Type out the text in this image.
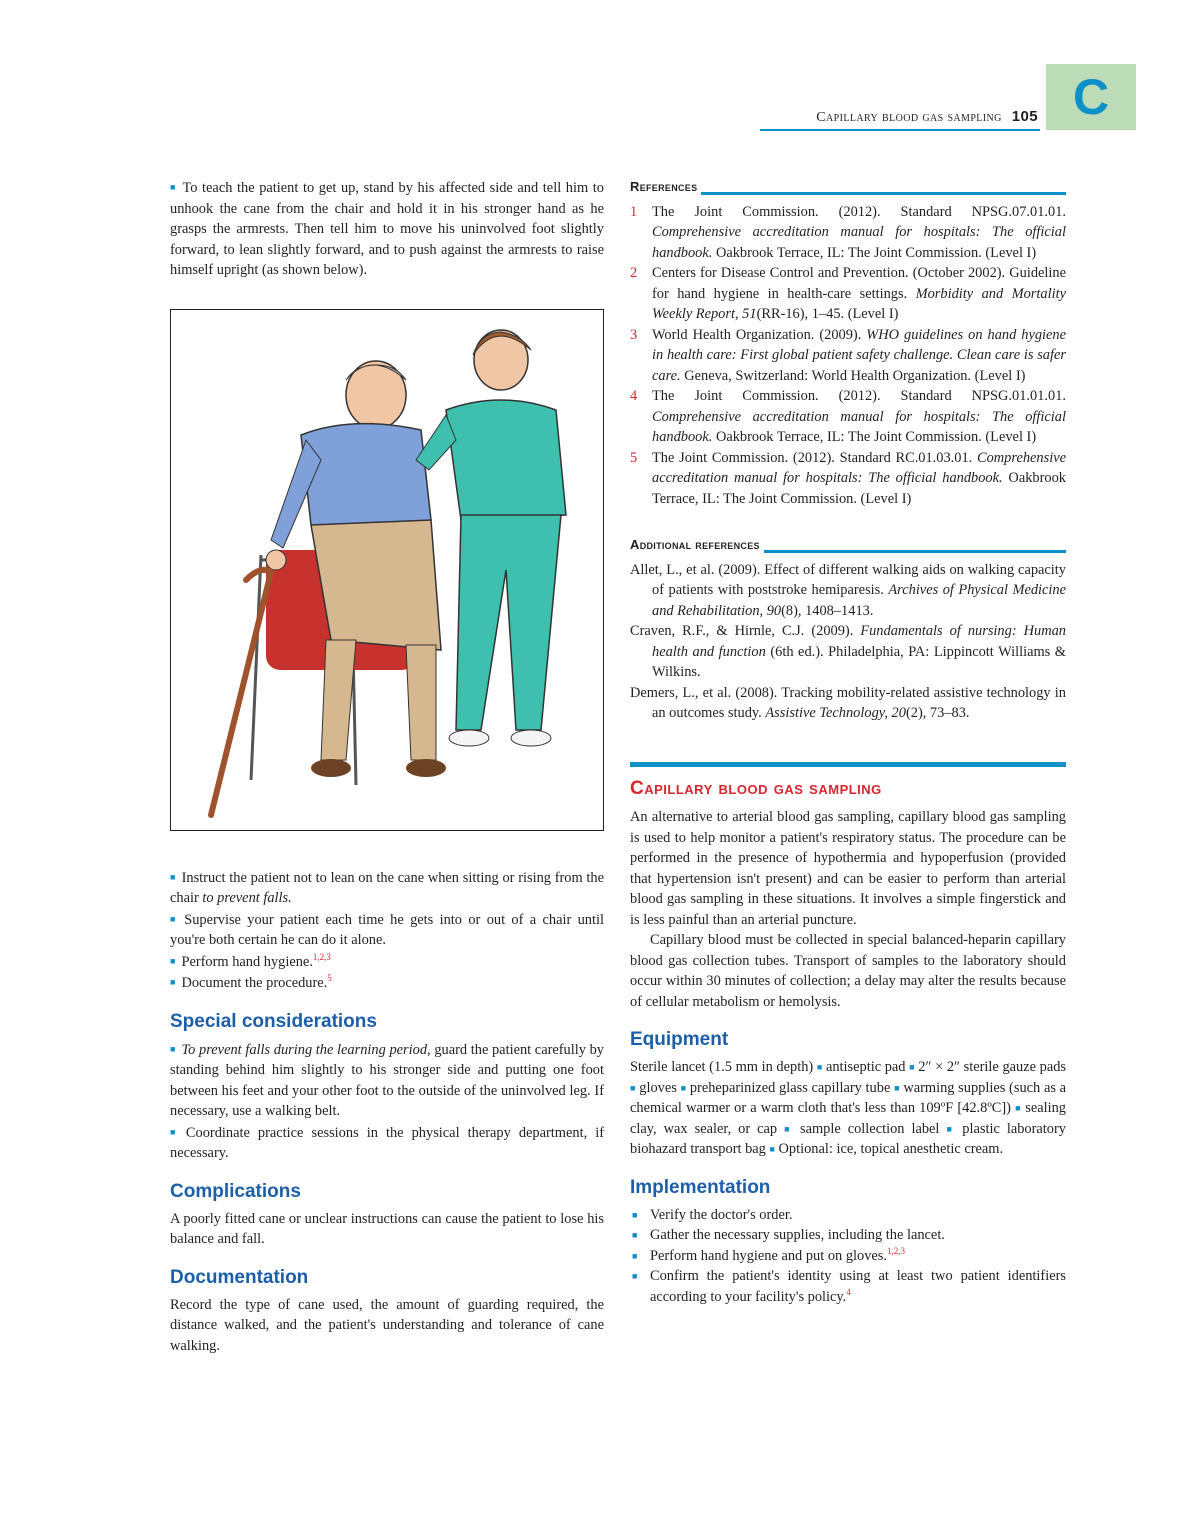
Capillary blood gas sampling 105 C

■ To teach the patient to get up, stand by his affected side and tell him to unhook the cane from the chair and hold it in his stronger hand as he grasps the armrests. Then tell him to move his uninvolved foot slightly forward, to lean slightly forward, and to push against the armrests to raise himself upright (as shown below).

■ Instruct the patient not to lean on the cane when sitting or rising from the chair to prevent falls.

■ Supervise your patient each time he gets into or out of a chair until you're both certain he can do it alone.

■ Perform hand hygiene.$^{1,2,3}$

■ Document the procedure.$^5$

Special considerations

■ To prevent falls during the learning period, guard the patient carefully by standing behind him slightly to his stronger side and putting one foot between his feet and your other foot to the outside of the uninvolved leg. If necessary, use a walking belt.

■ Coordinate practice sessions in the physical therapy department, if necessary.

Complications

A poorly fitted cane or unclear instructions can cause the patient to lose his balance and fall.

Documentation

Record the type of cane used, the amount of guarding required, the distance walked, and the patient's understanding and tolerance of cane walking.

References
1 The Joint Commission. (2012). Standard NPSG.07.01.01. Comprehensive accreditation manual for hospitals: The official handbook. Oakbrook Terrace, IL: The Joint Commission. (Level I)
2 Centers for Disease Control and Prevention. (October 2002). Guideline for hand hygiene in health-care settings. Morbidity and Mortality Weekly Report, 51(RR-16), 1–45. (Level I)
3 World Health Organization. (2009). WHO guidelines on hand hygiene in health care: First global patient safety challenge. Clean care is safer care. Geneva, Switzerland: World Health Organization. (Level I)
4 The Joint Commission. (2012). Standard NPSG.01.01.01. Comprehensive accreditation manual for hospitals: The official handbook. Oakbrook Terrace, IL: The Joint Commission. (Level I)
5 The Joint Commission. (2012). Standard RC.01.03.01. Comprehensive accreditation manual for hospitals: The official handbook. Oakbrook Terrace, IL: The Joint Commission. (Level I)
Additional references
Allet, L., et al. (2009). Effect of different walking aids on walking capacity of patients with poststroke hemiparesis. Archives of Physical Medicine and Rehabilitation, 90(8), 1408–1413.
Craven, R.F., & Hirnle, C.J. (2009). Fundamentals of nursing: Human health and function (6th ed.). Philadelphia, PA: Lippincott Williams & Wilkins.
Demers, L., et al. (2008). Tracking mobility-related assistive technology in an outcomes study. Assistive Technology, 20(2), 73–83.
Capillary blood gas sampling

An alternative to arterial blood gas sampling, capillary blood gas sampling is used to help monitor a patient's respiratory status. The procedure can be performed in the presence of hypothermia and hypoperfusion (provided that hypertension isn't present) and can be easier to perform than arterial blood gas sampling in these situations. It involves a simple fingerstick and is less painful than an arterial puncture.

Capillary blood must be collected in special balanced-heparin capillary blood gas collection tubes. Transport of samples to the laboratory should occur within 30 minutes of collection; a delay may alter the results because of cellular metabolism or hemolysis.

Equipment

Sterile lancet (1.5 mm in depth) ■ antiseptic pad ■ 2″ × 2″ sterile gauze pads ■ gloves ■ preheparinized glass capillary tube ■ warming supplies (such as a chemical warmer or a warm cloth that's less than 109ºF [42.8ºC]) ■ sealing clay, wax sealer, or cap ■ sample collection label ■ plastic laboratory biohazard transport bag ■ Optional: ice, topical anesthetic cream.

Implementation
■ Verify the doctor's order.
■ Gather the necessary supplies, including the lancet.
■ Perform hand hygiene and put on gloves.$^{1,2,3}$
■ Confirm the patient's identity using at least two patient identifiers according to your facility's policy.$^4$
